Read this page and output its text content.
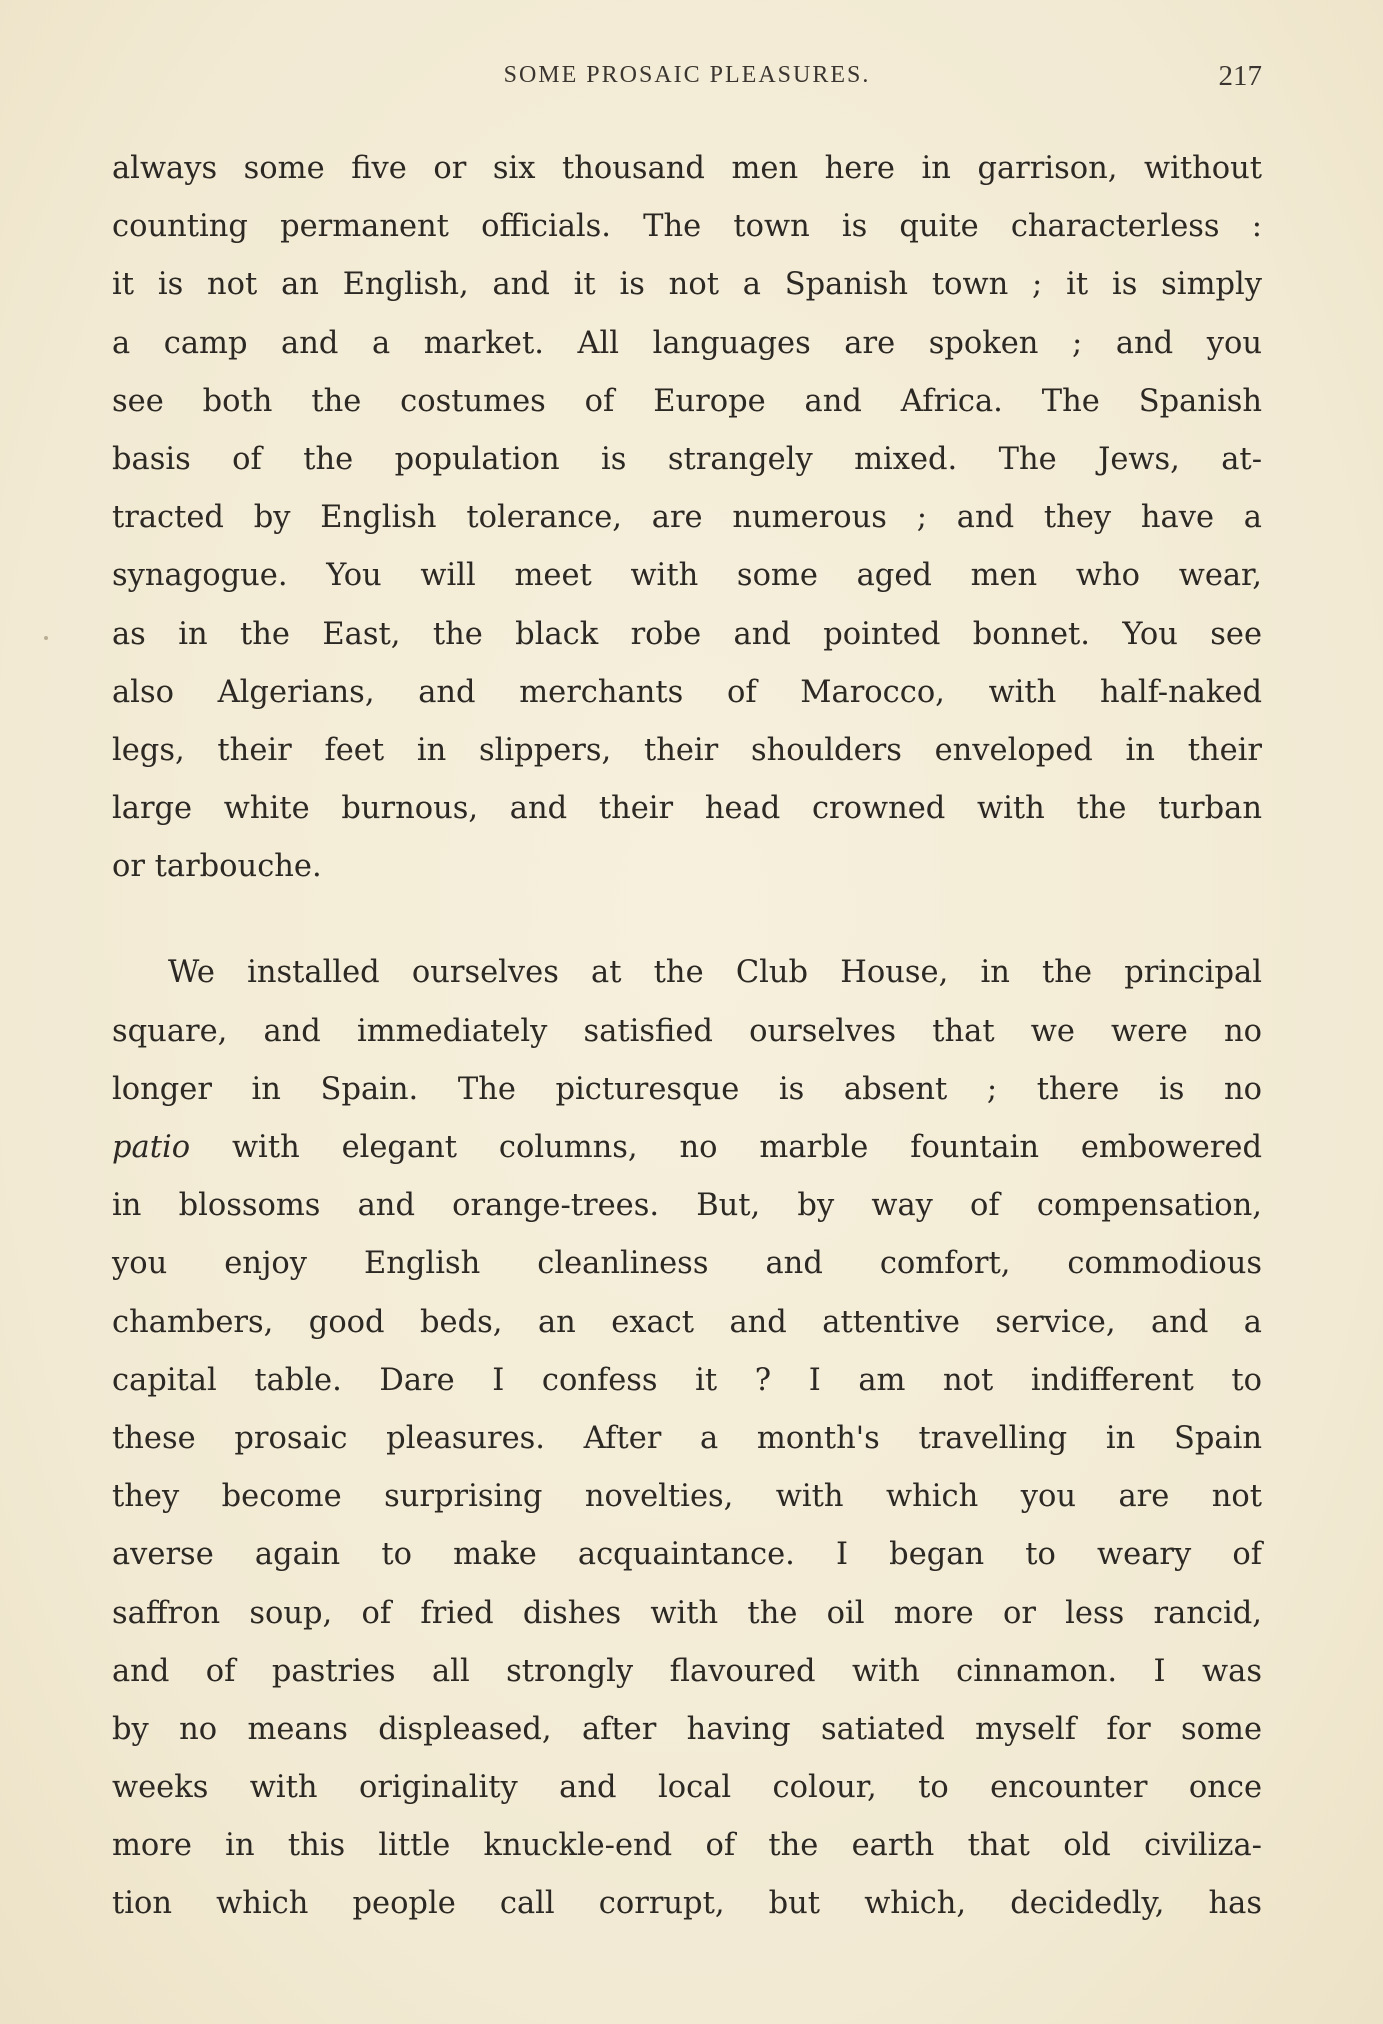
SOME PROSAIC PLEASURES.	217
always some five or six thousand men here in garrison, without
counting permanent officials. The town is quite characterless :
it is not an English, and it is not a Spanish town ; it is simply
a camp and a market. All languages are spoken ; and you
see both the costumes of Europe and Africa. The Spanish
basis of the population is strangely mixed. The Jews, at-
tracted by English tolerance, are numerous ; and they have a
synagogue. You will meet with some aged men who wear,
as in the East, the black robe and pointed bonnet. You see
also Algerians, and merchants of Marocco, with half-naked
legs, their feet in slippers, their shoulders enveloped in their
large white burnous, and their head crowned with the turban
or tarbouche.
We installed ourselves at the Club House, in the principal
square, and immediately satisfied ourselves that we were no
longer in Spain. The picturesque is absent ; there is no
patio with elegant columns, no marble fountain embowered
in blossoms and orange-trees. But, by way of compensation,
you enjoy English cleanliness and comfort, commodious
chambers, good beds, an exact and attentive service, and a
capital table. Dare I confess it ? I am not indifferent to
these prosaic pleasures. After a month's travelling in Spain
they become surprising novelties, with which you are not
averse again to make acquaintance. I began to weary of
saffron soup, of fried dishes with the oil more or less rancid,
and of pastries all strongly flavoured with cinnamon. I was
by no means displeased, after having satiated myself for some
weeks with originality and local colour, to encounter once
more in this little knuckle-end of the earth that old civiliza-
tion which people call corrupt, but which, decidedly, has
